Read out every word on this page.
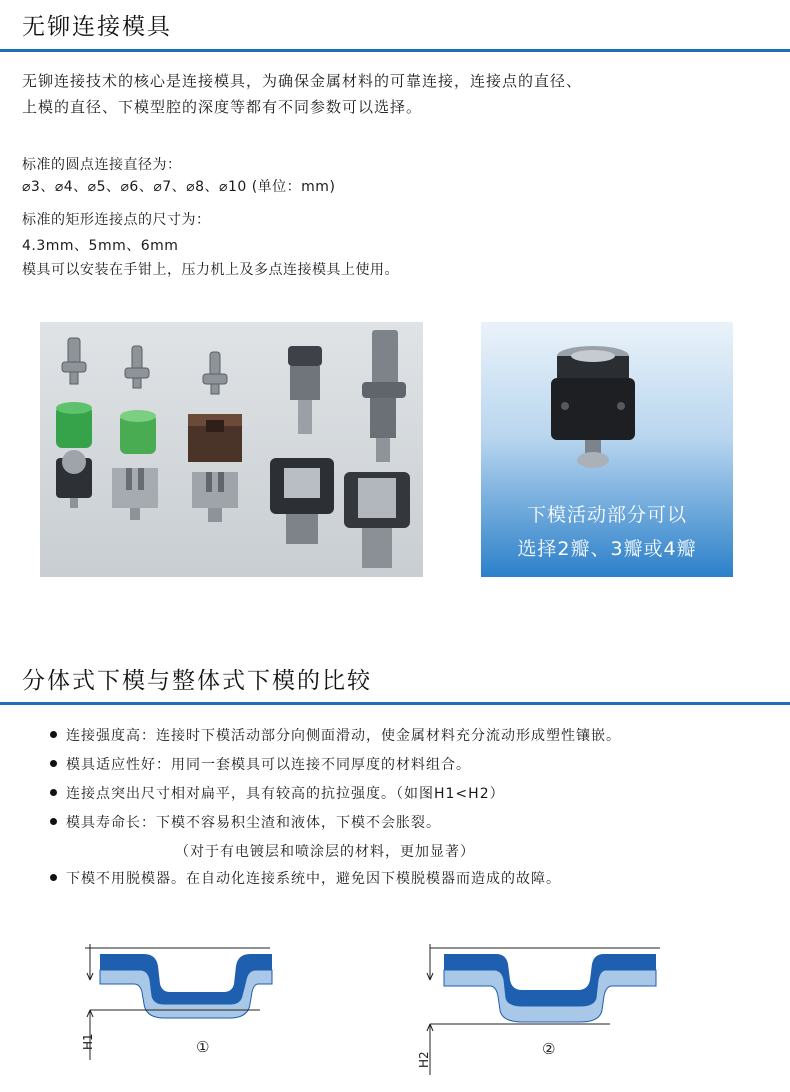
无铆连接模具
无铆连接技术的核心是连接模具，为确保金属材料的可靠连接，连接点的直径、
上模的直径、下模型腔的深度等都有不同参数可以选择。
标准的圆点连接直径为：
⌀3、⌀4、⌀5、⌀6、⌀7、⌀8、⌀10 (单位：mm)
标准的矩形连接点的尺寸为：
4.3mm、5mm、6mm
模具可以安装在手钳上，压力机上及多点连接模具上使用。
下模活动部分可以
选择2瓣、3瓣或4瓣
分体式下模与整体式下模的比较
连接强度高：连接时下模活动部分向侧面滑动，使金属材料充分流动形成塑性镶嵌。
模具适应性好：用同一套模具可以连接不同厚度的材料组合。
连接点突出尺寸相对扁平，具有较高的抗拉强度。（如图H1<H2）
模具寿命长：下模不容易积尘渣和液体，下模不会胀裂。
（对于有电镀层和喷涂层的材料，更加显著）
下模不用脱模器。在自动化连接系统中，避免因下模脱模器而造成的故障。
H1	①
H2
②
